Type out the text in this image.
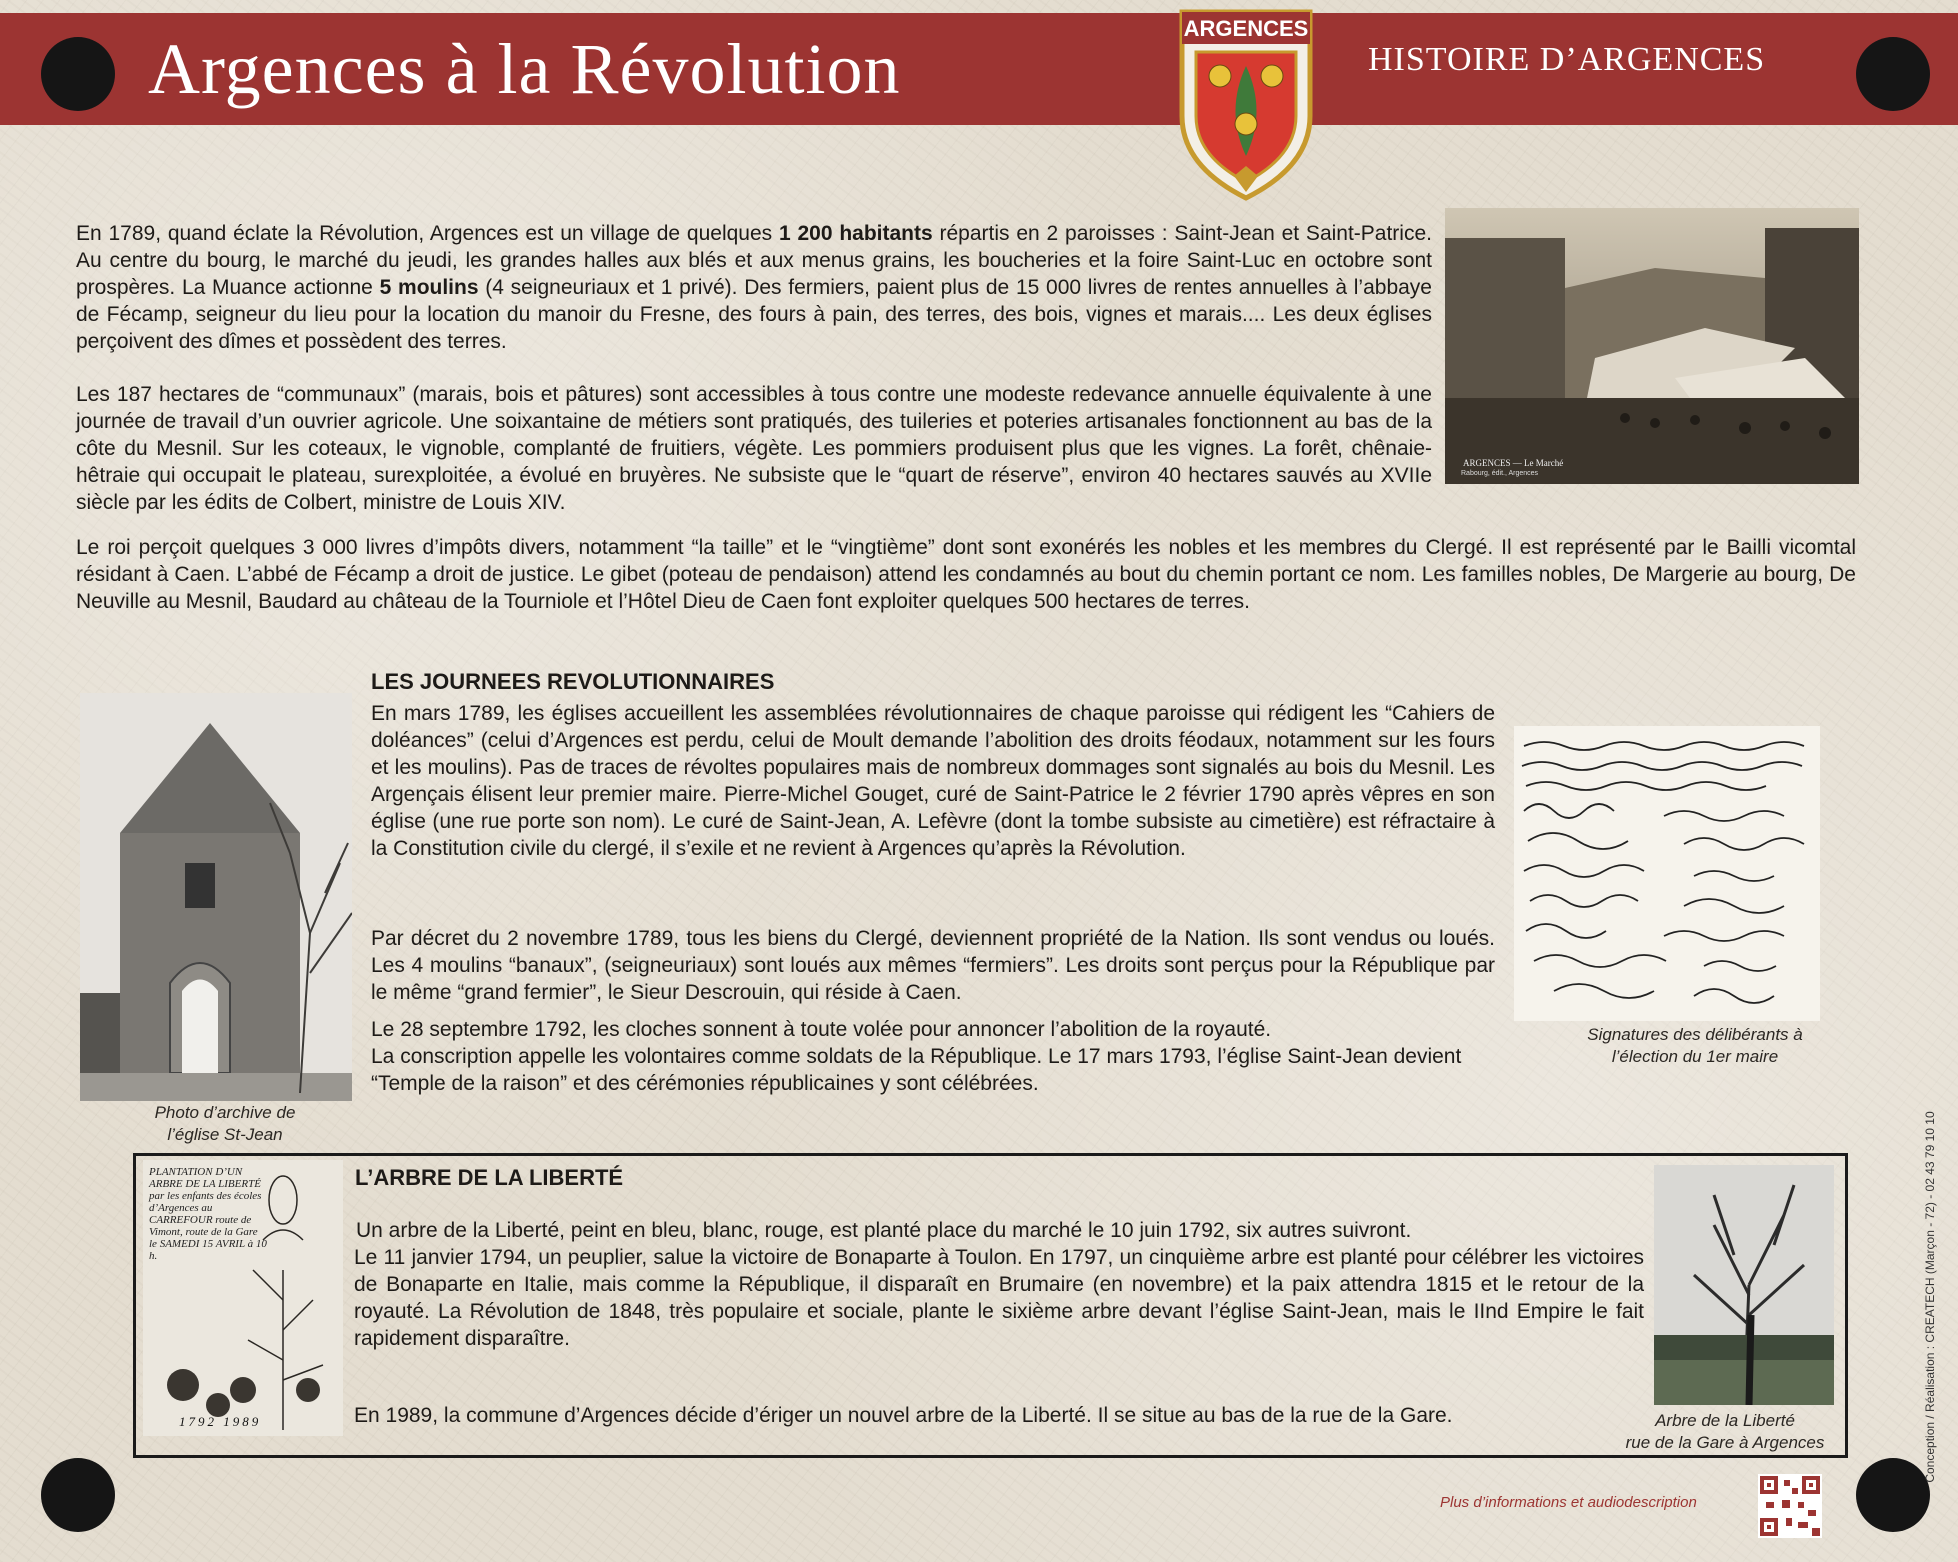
Argences à la Révolution	HISTOIRE D’ARGENCES
ARGENCES

En 1789, quand éclate la Révolution, Argences est un village de quelques 1 200 habitants répartis en 2 paroisses : Saint-Jean et Saint-Patrice. Au centre du bourg, le marché du jeudi, les grandes halles aux blés et aux menus grains, les boucheries et la foire Saint-Luc en octobre sont prospères. La Muance actionne 5 moulins (4 seigneuriaux et 1 privé). Des fermiers, paient plus de 15 000 livres de rentes annuelles à l’abbaye de Fécamp, seigneur du lieu pour la location du manoir du Fresne, des fours à pain, des terres, des bois, vignes et marais.... Les deux églises perçoivent des dîmes et possèdent des terres.

Les 187 hectares de “communaux” (marais, bois et pâtures) sont accessibles à tous contre une modeste redevance annuelle équivalente à une journée de travail d’un ouvrier agricole. Une soixantaine de métiers sont pratiqués, des tuileries et poteries artisanales fonctionnent au bas de la côte du Mesnil. Sur les coteaux, le vignoble, complanté de fruitiers, végète. Les pommiers produisent plus que les vignes. La forêt, chênaie-hêtraie qui occupait le plateau, surexploitée, a évolué en bruyères. Ne subsiste que le “quart de réserve”, environ 40 hectares sauvés au XVIIe siècle par les édits de Colbert, ministre de Louis XIV.

Le roi perçoit quelques 3 000 livres d’impôts divers, notamment “la taille” et le “vingtième” dont sont exonérés les nobles et les membres du Clergé. Il est représenté par le Bailli vicomtal résidant à Caen. L’abbé de Fécamp a droit de justice. Le gibet (poteau de pendaison) attend les condamnés au bout du chemin portant ce nom. Les familles nobles, De Margerie au bourg, De Neuville au Mesnil, Baudard au château de la Tourniole et l’Hôtel Dieu de Caen font exploiter quelques 500 hectares de terres.

ARGENCES — Le Marché
Rabourg, édit., Argences
LES JOURNEES REVOLUTIONNAIRES

En mars 1789, les églises accueillent les assemblées révolutionnaires de chaque paroisse qui rédigent les “Cahiers de doléances” (celui d’Argences est perdu, celui de Moult demande l’abolition des droits féodaux, notamment sur les fours et les moulins). Pas de traces de révoltes populaires mais de nombreux dommages sont signalés au bois du Mesnil. Les Argençais élisent leur premier maire. Pierre-Michel Gouget, curé de Saint-Patrice le 2 février 1790 après vêpres en son église (une rue porte son nom). Le curé de Saint-Jean, A. Lefèvre (dont la tombe subsiste au cimetière) est réfractaire à la Constitution civile du clergé, il s’exile et ne revient à Argences qu’après la Révolution.

Par décret du 2 novembre 1789, tous les biens du Clergé, deviennent propriété de la Nation. Ils sont vendus ou loués. Les 4 moulins “banaux”, (seigneuriaux) sont loués aux mêmes “fermiers”. Les droits sont perçus pour la République par le même “grand fermier”, le Sieur Descrouin, qui réside à Caen.

Le 28 septembre 1792, les cloches sonnent à toute volée pour annoncer l’abolition de la royauté.

La conscription appelle les volontaires comme soldats de la République. Le 17 mars 1793, l’église Saint-Jean devient “Temple de la raison” et des cérémonies républicaines y sont célébrées.

Photo d’archive de
l’église St-Jean
Signatures des délibérants à
l’élection du 1er maire
L’ARBRE DE LA LIBERTÉ

Un arbre de la Liberté, peint en bleu, blanc, rouge, est planté place du marché le 10 juin 1792, six autres suivront.

Le 11 janvier 1794, un peuplier, salue la victoire de Bonaparte à Toulon. En 1797, un cinquième arbre est planté pour célébrer les victoires de Bonaparte en Italie, mais comme la République, il disparaît en Brumaire (en novembre) et la paix attendra 1815 et le retour de la royauté. La Révolution de 1848, très populaire et sociale, plante le sixième arbre devant l’église Saint-Jean, mais le IInd Empire le fait rapidement disparaître.

En 1989, la commune d’Argences décide d’ériger un nouvel arbre de la Liberté. Il se situe au bas de la rue de la Gare.

PLANTATION D’UN ARBRE DE LA LIBERTÉ par les enfants des écoles d’Argences au CARREFOUR route de Vimont, route de la Gare le SAMEDI 15 AVRIL à 10 h.
1792 1989	Arbre de la Liberté
rue de la Gare à Argences
Plus d’informations et audiodescription
Conception / Réalisation : CREATECH (Marçon - 72) - 02 43 79 10 10
